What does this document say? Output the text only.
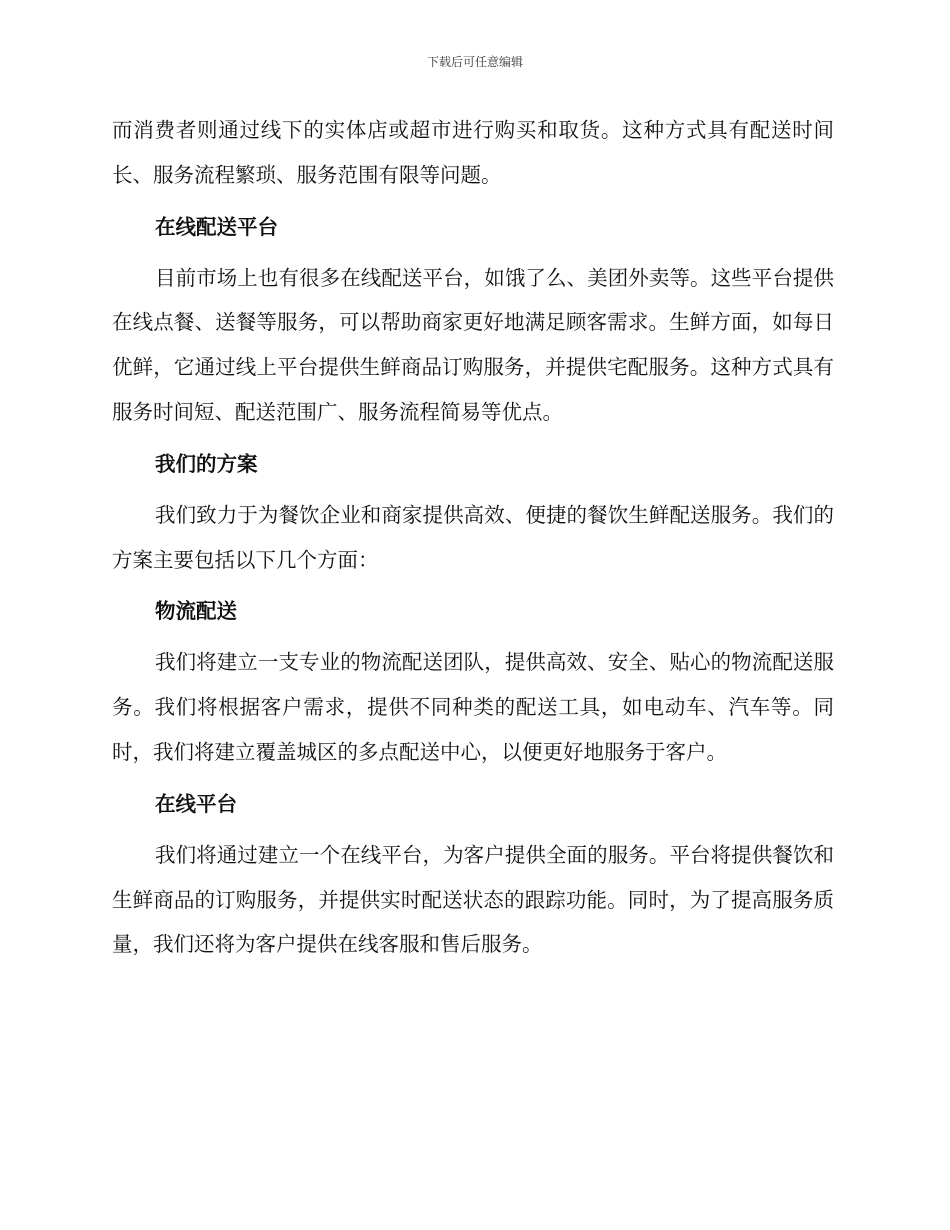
下载后可任意编辑

而消费者则通过线下的实体店或超市进行购买和取货。这种方式具有配送时间长、服务流程繁琐、服务范围有限等问题。

在线配送平台

目前市场上也有很多在线配送平台，如饿了么、美团外卖等。这些平台提供在线点餐、送餐等服务，可以帮助商家更好地满足顾客需求。生鲜方面，如每日优鲜，它通过线上平台提供生鲜商品订购服务，并提供宅配服务。这种方式具有服务时间短、配送范围广、服务流程简易等优点。

我们的方案

我们致力于为餐饮企业和商家提供高效、便捷的餐饮生鲜配送服务。我们的方案主要包括以下几个方面：

物流配送

我们将建立一支专业的物流配送团队，提供高效、安全、贴心的物流配送服务。我们将根据客户需求，提供不同种类的配送工具，如电动车、汽车等。同时，我们将建立覆盖城区的多点配送中心，以便更好地服务于客户。

在线平台

我们将通过建立一个在线平台，为客户提供全面的服务。平台将提供餐饮和生鲜商品的订购服务，并提供实时配送状态的跟踪功能。同时，为了提高服务质量，我们还将为客户提供在线客服和售后服务。
